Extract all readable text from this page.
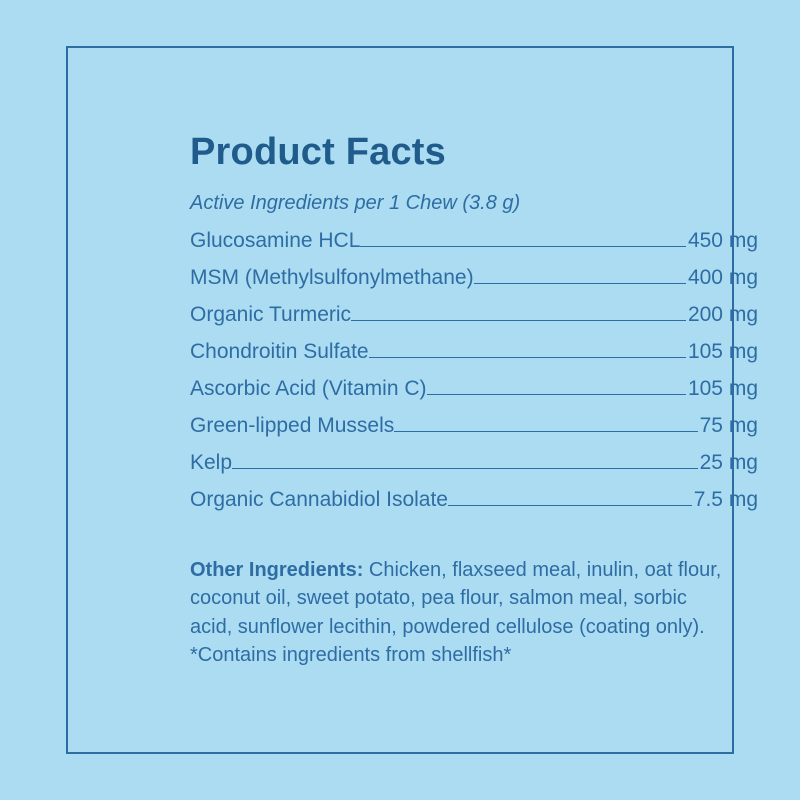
Product Facts
Active Ingredients per 1 Chew (3.8 g)
Glucosamine HCL	450 mg
MSM (Methylsulfonylmethane)	400 mg
Organic Turmeric	200 mg
Chondroitin Sulfate	105 mg
Ascorbic Acid (Vitamin C)	105 mg
Green-lipped Mussels	75 mg
Kelp	25 mg
Organic Cannabidiol Isolate	7.5 mg
Other Ingredients: Chicken, flaxseed meal, inulin, oat flour, coconut oil, sweet potato, pea flour, salmon meal, sorbic acid, sunflower lecithin, powdered cellulose (coating only).
*Contains ingredients from shellfish*
